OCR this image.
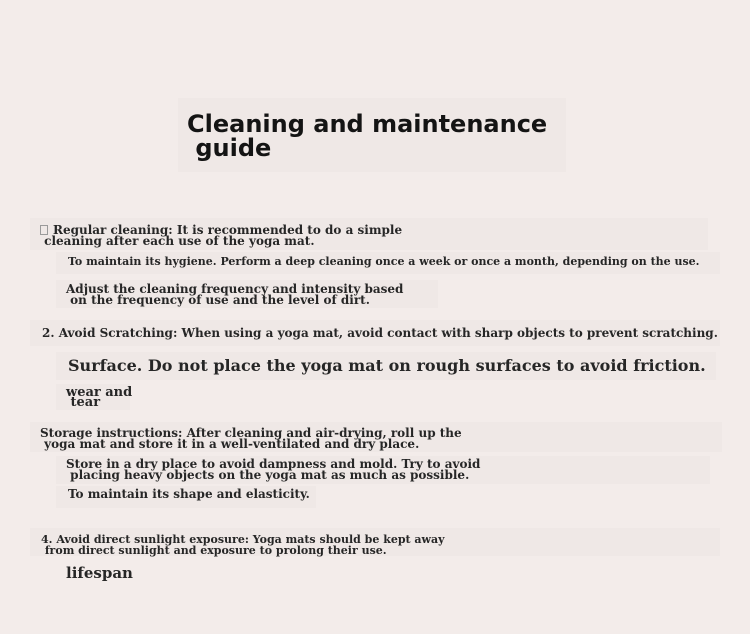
Cleaning and maintenance
guide
Regular cleaning: It is recommended to do a simple
cleaning after each use of the yoga mat.
To maintain its hygiene. Perform a deep cleaning once a week or once a month, depending on the use.
Adjust the cleaning frequency and intensity based
on the frequency of use and the level of dirt.
2. Avoid Scratching: When using a yoga mat, avoid contact with sharp objects to prevent scratching.
Surface. Do not place the yoga mat on rough surfaces to avoid friction.
wear and
tear
Storage instructions: After cleaning and air-drying, roll up the
yoga mat and store it in a well-ventilated and dry place.
Store in a dry place to avoid dampness and mold. Try to avoid
placing heavy objects on the yoga mat as much as possible.
To maintain its shape and elasticity.
4. Avoid direct sunlight exposure: Yoga mats should be kept away
from direct sunlight and exposure to prolong their use.
lifespan
